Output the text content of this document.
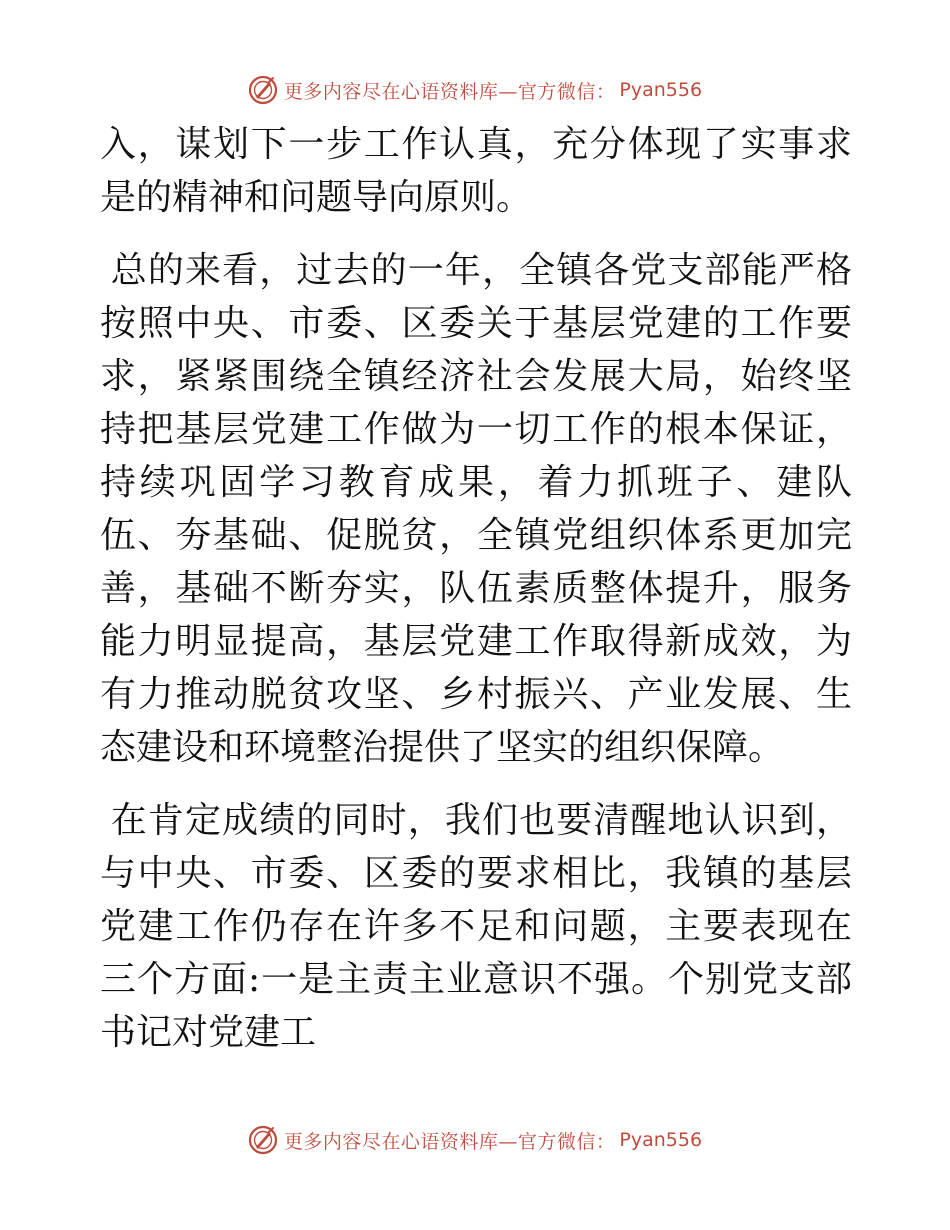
更多内容尽在心语资料库—官方微信： Pyan556

入，谋划下一步工作认真，充分体现了实事求是的精神和问题导向原则。

总的来看，过去的一年，全镇各党支部能严格按照中央、市委、区委关于基层党建的工作要求，紧紧围绕全镇经济社会发展大局，始终坚持把基层党建工作做为一切工作的根本保证，持续巩固学习教育成果，着力抓班子、建队伍、夯基础、促脱贫，全镇党组织体系更加完善，基础不断夯实，队伍素质整体提升，服务能力明显提高，基层党建工作取得新成效，为有力推动脱贫攻坚、乡村振兴、产业发展、生态建设和环境整治提供了坚实的组织保障。

在肯定成绩的同时，我们也要清醒地认识到，与中央、市委、区委的要求相比，我镇的基层党建工作仍存在许多不足和问题，主要表现在三个方面:一是主责主业意识不强。个别党支部书记对党建工

更多内容尽在心语资料库—官方微信： Pyan556
